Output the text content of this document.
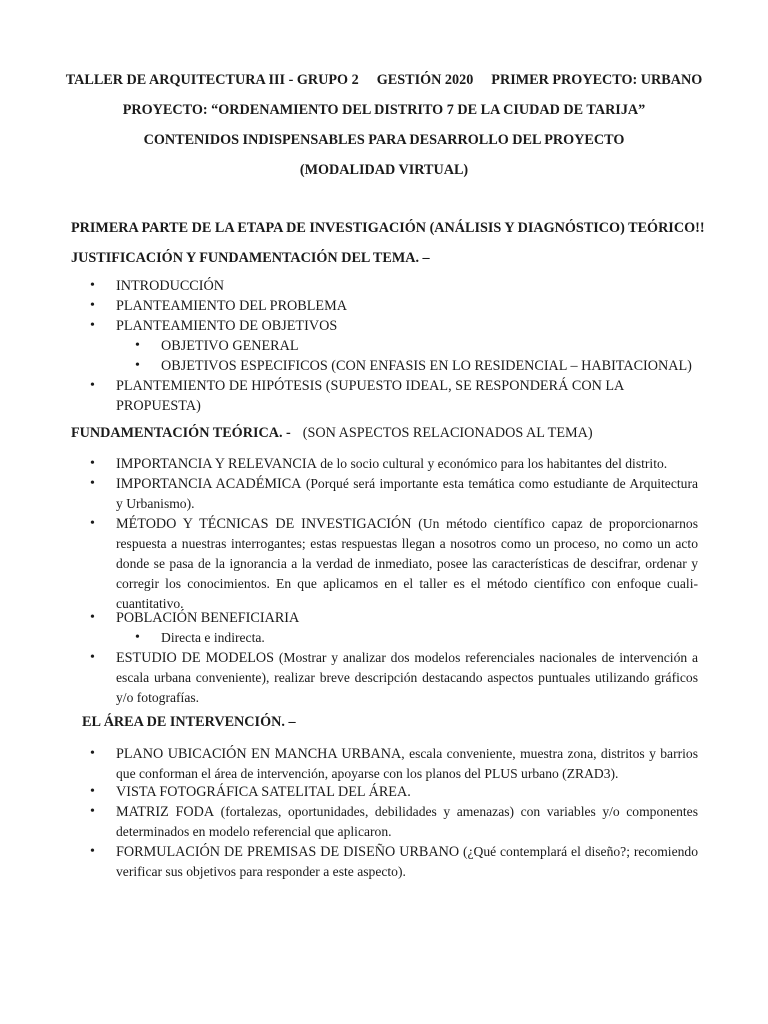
TALLER DE ARQUITECTURA III - GRUPO 2 GESTIÓN 2020 PRIMER PROYECTO: URBANO
PROYECTO: “ORDENAMIENTO DEL DISTRITO 7 DE LA CIUDAD DE TARIJA”
CONTENIDOS INDISPENSABLES PARA DESARROLLO DEL PROYECTO
(MODALIDAD VIRTUAL)
PRIMERA PARTE DE LA ETAPA DE INVESTIGACIÓN (ANÁLISIS Y DIAGNÓSTICO) TEÓRICO!!
JUSTIFICACIÓN Y FUNDAMENTACIÓN DEL TEMA. –
• INTRODUCCIÓN
• PLANTEAMIENTO DEL PROBLEMA
• PLANTEAMIENTO DE OBJETIVOS
• OBJETIVO GENERAL
• OBJETIVOS ESPECIFICOS (CON ENFASIS EN LO RESIDENCIAL – HABITACIONAL)
• PLANTEMIENTO DE HIPÓTESIS (SUPUESTO IDEAL, SE RESPONDERÁ CON LA PROPUESTA)
FUNDAMENTACIÓN TEÓRICA. - (SON ASPECTOS RELACIONADOS AL TEMA)
• IMPORTANCIA Y RELEVANCIA de lo socio cultural y económico para los habitantes del distrito.
• IMPORTANCIA ACADÉMICA (Porqué será importante esta temática como estudiante de Arquitectura y Urbanismo).
• MÉTODO Y TÉCNICAS DE INVESTIGACIÓN (Un método científico capaz de proporcionarnos respuesta a nuestras interrogantes; estas respuestas llegan a nosotros como un proceso, no como un acto donde se pasa de la ignorancia a la verdad de inmediato, posee las características de descifrar, ordenar y corregir los conocimientos. En que aplicamos en el taller es el método científico con enfoque cuali-cuantitativo.
• POBLACIÓN BENEFICIARIA
• Directa e indirecta.
• ESTUDIO DE MODELOS (Mostrar y analizar dos modelos referenciales nacionales de intervención a escala urbana conveniente), realizar breve descripción destacando aspectos puntuales utilizando gráficos y/o fotografías.
EL ÁREA DE INTERVENCIÓN. –
• PLANO UBICACIÓN EN MANCHA URBANA, escala conveniente, muestra zona, distritos y barrios que conforman el área de intervención, apoyarse con los planos del PLUS urbano (ZRAD3).
• VISTA FOTOGRÁFICA SATELITAL DEL ÁREA.
• MATRIZ FODA (fortalezas, oportunidades, debilidades y amenazas) con variables y/o componentes determinados en modelo referencial que aplicaron.
• FORMULACIÓN DE PREMISAS DE DISEÑO URBANO (¿Qué contemplará el diseño?; recomiendo verificar sus objetivos para responder a este aspecto).
